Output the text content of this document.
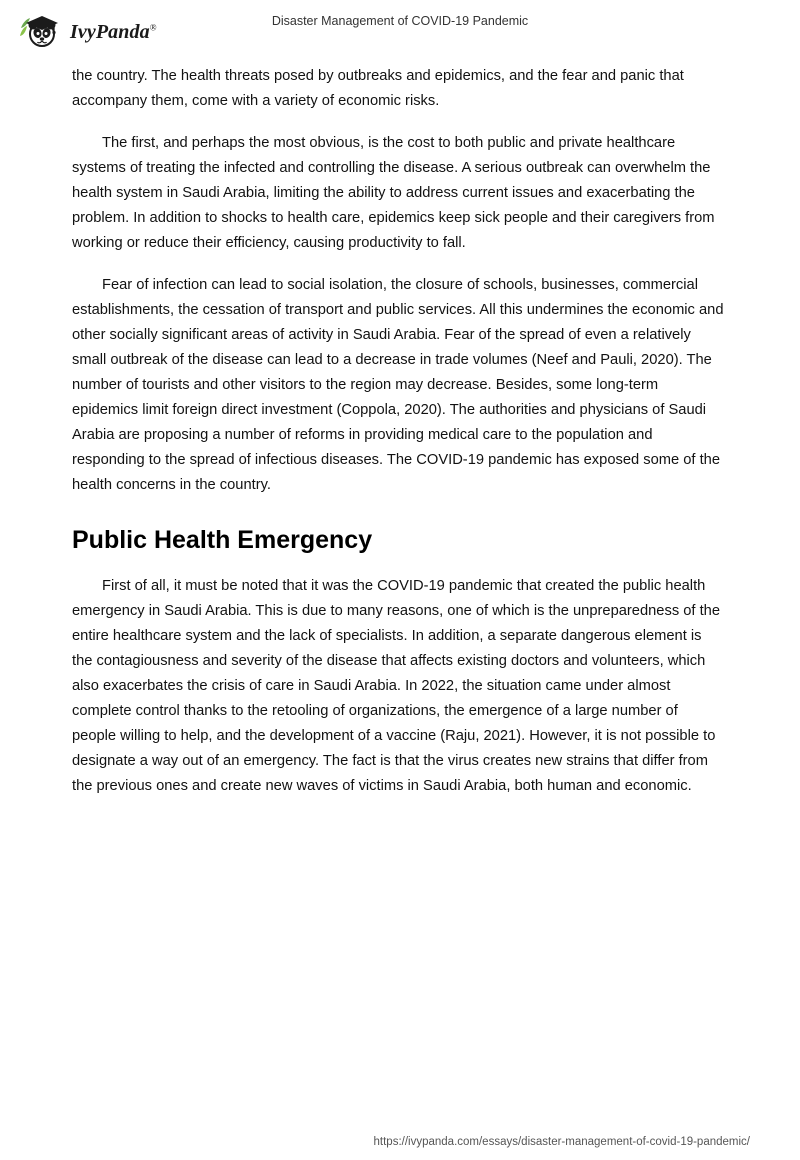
IvyPanda®	Disaster Management of COVID-19 Pandemic

the country. The health threats posed by outbreaks and epidemics, and the fear and panic that accompany them, come with a variety of economic risks.

The first, and perhaps the most obvious, is the cost to both public and private healthcare systems of treating the infected and controlling the disease. A serious outbreak can overwhelm the health system in Saudi Arabia, limiting the ability to address current issues and exacerbating the problem. In addition to shocks to health care, epidemics keep sick people and their caregivers from working or reduce their efficiency, causing productivity to fall.

Fear of infection can lead to social isolation, the closure of schools, businesses, commercial establishments, the cessation of transport and public services. All this undermines the economic and other socially significant areas of activity in Saudi Arabia. Fear of the spread of even a relatively small outbreak of the disease can lead to a decrease in trade volumes (Neef and Pauli, 2020). The number of tourists and other visitors to the region may decrease. Besides, some long-term epidemics limit foreign direct investment (Coppola, 2020). The authorities and physicians of Saudi Arabia are proposing a number of reforms in providing medical care to the population and responding to the spread of infectious diseases. The COVID-19 pandemic has exposed some of the health concerns in the country.

Public Health Emergency

First of all, it must be noted that it was the COVID-19 pandemic that created the public health emergency in Saudi Arabia. This is due to many reasons, one of which is the unpreparedness of the entire healthcare system and the lack of specialists. In addition, a separate dangerous element is the contagiousness and severity of the disease that affects existing doctors and volunteers, which also exacerbates the crisis of care in Saudi Arabia. In 2022, the situation came under almost complete control thanks to the retooling of organizations, the emergence of a large number of people willing to help, and the development of a vaccine (Raju, 2021). However, it is not possible to designate a way out of an emergency. The fact is that the virus creates new strains that differ from the previous ones and create new waves of victims in Saudi Arabia, both human and economic.

https://ivypanda.com/essays/disaster-management-of-covid-19-pandemic/
